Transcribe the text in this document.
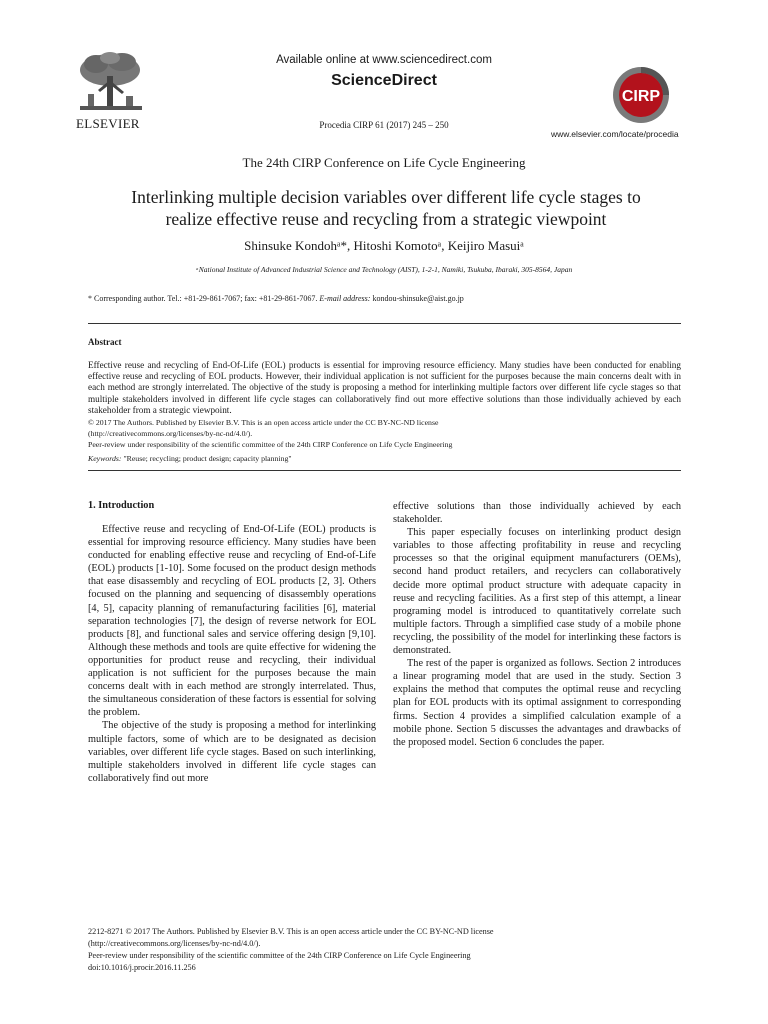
ELSEVIER
Available online at www.sciencedirect.com
ScienceDirect
Procedia CIRP 61 (2017) 245 – 250
CIRP
www.elsevier.com/locate/procedia
The 24th CIRP Conference on Life Cycle Engineering
Interlinking multiple decision variables over different life cycle stages to
realize effective reuse and recycling from a strategic viewpoint
Shinsuke Kondohᵃ*, Hitoshi Komotoᵃ, Keijiro Masuiᵃ
ᵃNational Institute of Advanced Industrial Science and Technology (AIST), 1-2-1, Namiki, Tsukuba, Ibaraki, 305-8564, Japan
* Corresponding author. Tel.: +81-29-861-7067; fax: +81-29-861-7067. E-mail address: kondou-shinsuke@aist.go.jp
Abstract
Effective reuse and recycling of End-Of-Life (EOL) products is essential for improving resource efficiency. Many studies have been conducted for enabling effective reuse and recycling of EOL products. However, their individual application is not sufficient for the purposes because the main concerns dealt with in each method are strongly interrelated. The objective of the study is proposing a method for interlinking multiple factors over different life cycle stages so that multiple stakeholders involved in different life cycle stages can collaboratively find out more effective solutions than those individually achieved by each stakeholder from a strategic viewpoint.
© 2017 The Authors. Published by Elsevier B.V. This is an open access article under the CC BY-NC-ND license
(http://creativecommons.org/licenses/by-nc-nd/4.0/).
Peer-review under responsibility of the scientific committee of the 24th CIRP Conference on Life Cycle Engineering
Keywords: "Reuse; recycling; product design; capacity planning"
1. Introduction

Effective reuse and recycling of End-Of-Life (EOL) products is essential for improving resource efficiency. Many studies have been conducted for enabling effective reuse and recycling of End-of-Life (EOL) products [1-10]. Some focused on the product design methods that ease disassembly and recycling of EOL products [2, 3]. Others focused on the planning and sequencing of disassembly operations [4, 5], capacity planning of remanufacturing facilities [6], material separation technologies [7], the design of reverse network for EOL products [8], and functional sales and service offering design [9,10]. Although these methods and tools are quite effective for widening the opportunities for product reuse and recycling, their individual application is not sufficient for the purposes because the main concerns dealt with in each method are strongly interrelated. Thus, the simultaneous consideration of these factors is essential for solving the problem.

The objective of the study is proposing a method for interlinking multiple factors, some of which are to be designated as decision variables, over different life cycle stages. Based on such interlinking, multiple stakeholders involved in different life cycle stages can collaboratively find out more

effective solutions than those individually achieved by each stakeholder.

This paper especially focuses on interlinking product design variables to those affecting profitability in reuse and recycling processes so that the original equipment manufacturers (OEMs), second hand product retailers, and recyclers can collaboratively decide more optimal product structure with adequate capacity in reuse and recycling facilities. As a first step of this attempt, a linear programing model is introduced to quantitatively correlate such multiple factors. Through a simplified case study of a mobile phone recycling, the possibility of the model for interlinking these factors is demonstrated.

The rest of the paper is organized as follows. Section 2 introduces a linear programing model that are used in the study. Section 3 explains the method that computes the optimal reuse and recycling plan for EOL products with its optimal assignment to corresponding firms. Section 4 provides a simplified calculation example of a mobile phone. Section 5 discusses the advantages and drawbacks of the proposed model. Section 6 concludes the paper.

2212-8271 © 2017 The Authors. Published by Elsevier B.V. This is an open access article under the CC BY-NC-ND license
(http://creativecommons.org/licenses/by-nc-nd/4.0/).
Peer-review under responsibility of the scientific committee of the 24th CIRP Conference on Life Cycle Engineering
doi:10.1016/j.procir.2016.11.256
